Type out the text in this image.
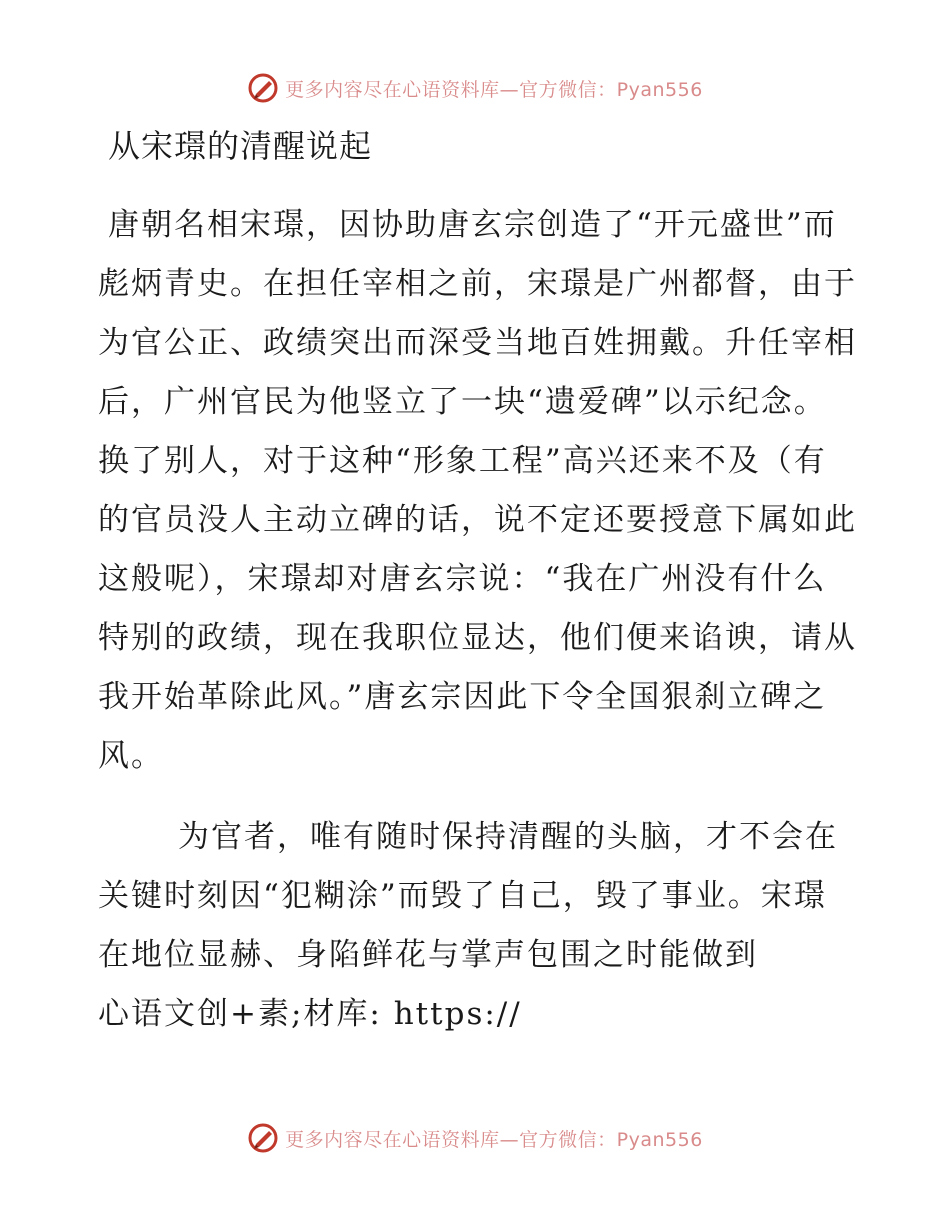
更多内容尽在心语资料库—官方微信：Pyan556
从宋璟的清醒说起

唐朝名相宋璟，因协助唐玄宗创造了“开元盛世”而彪炳青史。在担任宰相之前，宋璟是广州都督，由于为官公正、政绩突出而深受当地百姓拥戴。升任宰相后，广州官民为他竖立了一块“遗爱碑”以示纪念。换了别人，对于这种“形象工程”高兴还来不及（有的官员没人主动立碑的话，说不定还要授意下属如此这般呢），宋璟却对唐玄宗说：“我在广州没有什么特别的政绩，现在我职位显达，他们便来谄谀，请从我开始革除此风。”唐玄宗因此下令全国狠刹立碑之风。

为官者，唯有随时保持清醒的头脑，才不会在关键时刻因“犯糊涂”而毁了自己，毁了事业。宋璟在地位显赫、身陷鲜花与掌声包围之时能做到

心语文创+素;材库: https://

更多内容尽在心语资料库—官方微信：Pyan556
